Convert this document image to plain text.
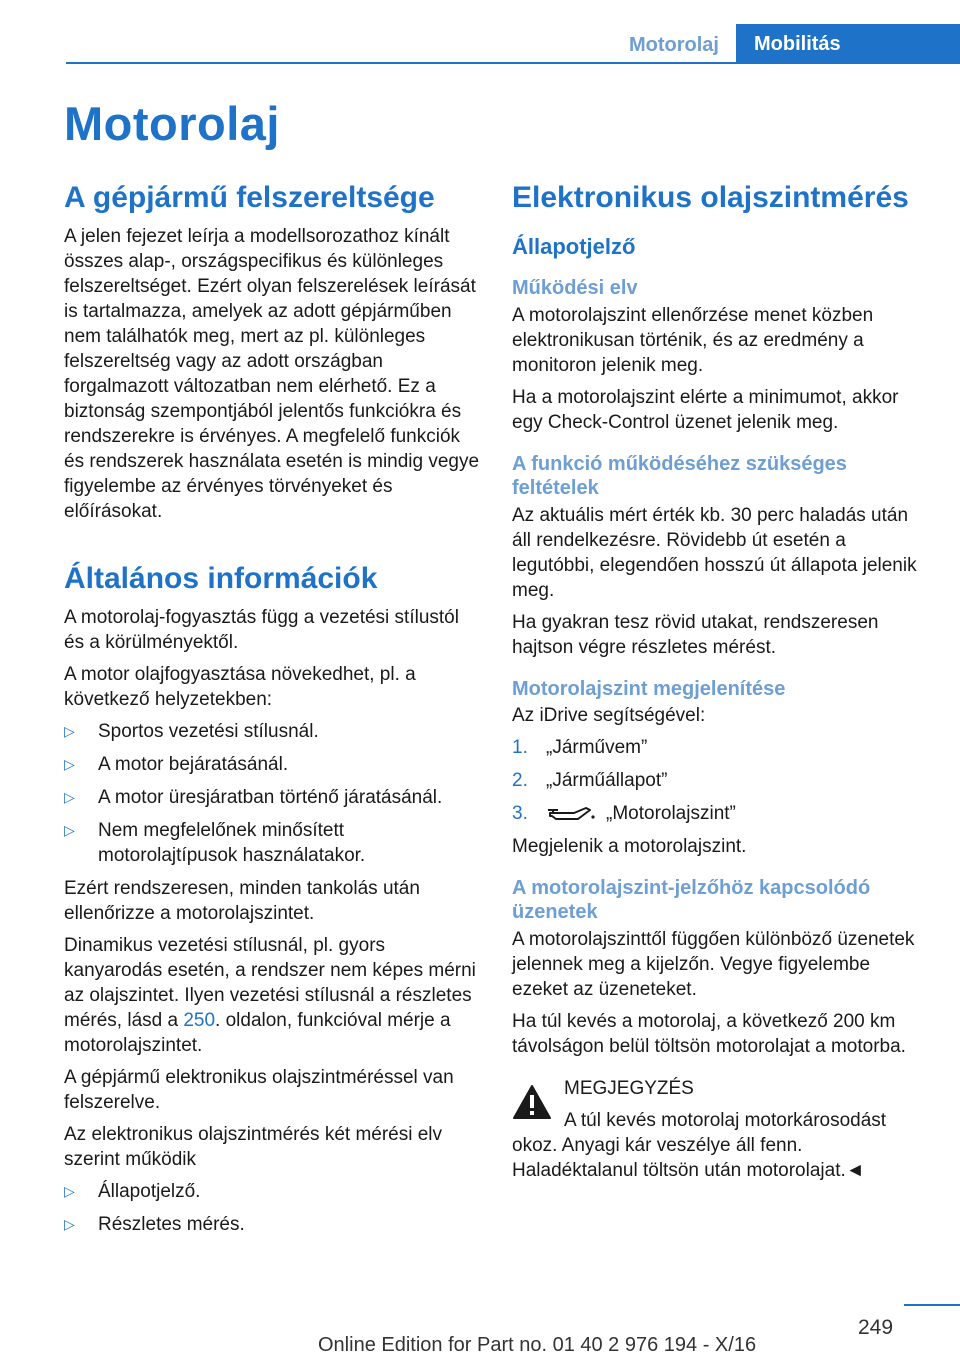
Motorolaj	Mobilitás
Motorolaj
A gépjármű felszereltsége

A jelen fejezet leírja a modellsorozathoz kínált összes alap-, országspecifikus és különleges felszereltséget. Ezért olyan felszerelések leírását is tartalmazza, amelyek az adott gépjárműben nem találhatók meg, mert az pl. különleges felszereltség vagy az adott országban forgalmazott változatban nem elérhető. Ez a biztonság szempontjából jelentős funkciókra és rendszerekre is érvényes. A megfelelő funkciók és rendszerek használata esetén is mindig vegye figyelembe az érvényes törvényeket és előírásokat.

Általános információk

A motorolaj-fogyasztás függ a vezetési stílustól és a körülményektől.

A motor olajfogyasztása növekedhet, pl. a következő helyzetekben:

▷ Sportos vezetési stílusnál.
▷ A motor bejáratásánál.
▷ A motor üresjáratban történő járatásánál.
▷ Nem megfelelőnek minősített motorolajtípusok használatakor.

Ezért rendszeresen, minden tankolás után ellenőrizze a motorolajszintet.

Dinamikus vezetési stílusnál, pl. gyors kanyarodás esetén, a rendszer nem képes mérni az olajszintet. Ilyen vezetési stílusnál a részletes mérés, lásd a 250. oldalon, funkcióval mérje a motorolajszintet.

A gépjármű elektronikus olajszintméréssel van felszerelve.

Az elektronikus olajszintmérés két mérési elv szerint működik

▷ Állapotjelző.
▷ Részletes mérés.
Elektronikus olajszintmérés
Állapotjelző
Működési elv

A motorolajszint ellenőrzése menet közben elektronikusan történik, és az eredmény a monitoron jelenik meg.

Ha a motorolajszint elérte a minimumot, akkor egy Check-Control üzenet jelenik meg.

A funkció működéséhez szükséges feltételek

Az aktuális mért érték kb. 30 perc haladás után áll rendelkezésre. Rövidebb út esetén a legutóbbi, elegendően hosszú út állapota jelenik meg.

Ha gyakran tesz rövid utakat, rendszeresen hajtson végre részletes mérést.

Motorolajszint megjelenítése

Az iDrive segítségével:

1. „Járművem”
2. „Járműállapot”
3.	„Motorolajszint”

Megjelenik a motorolajszint.

A motorolajszint-jelzőhöz kapcsolódó üzenetek

A motorolajszinttől függően különböző üzenetek jelennek meg a kijelzőn. Vegye figyelembe ezeket az üzeneteket.

Ha túl kevés a motorolaj, a következő 200 km távolságon belül töltsön motorolajat a motorba.

MEGJEGYZÉS

A túl kevés motorolaj motorkárosodást okoz. Anyagi kár veszélye áll fenn. Haladéktalanul töltsön után motorolajat.◄

249
Online Edition for Part no. 01 40 2 976 194 - X/16
